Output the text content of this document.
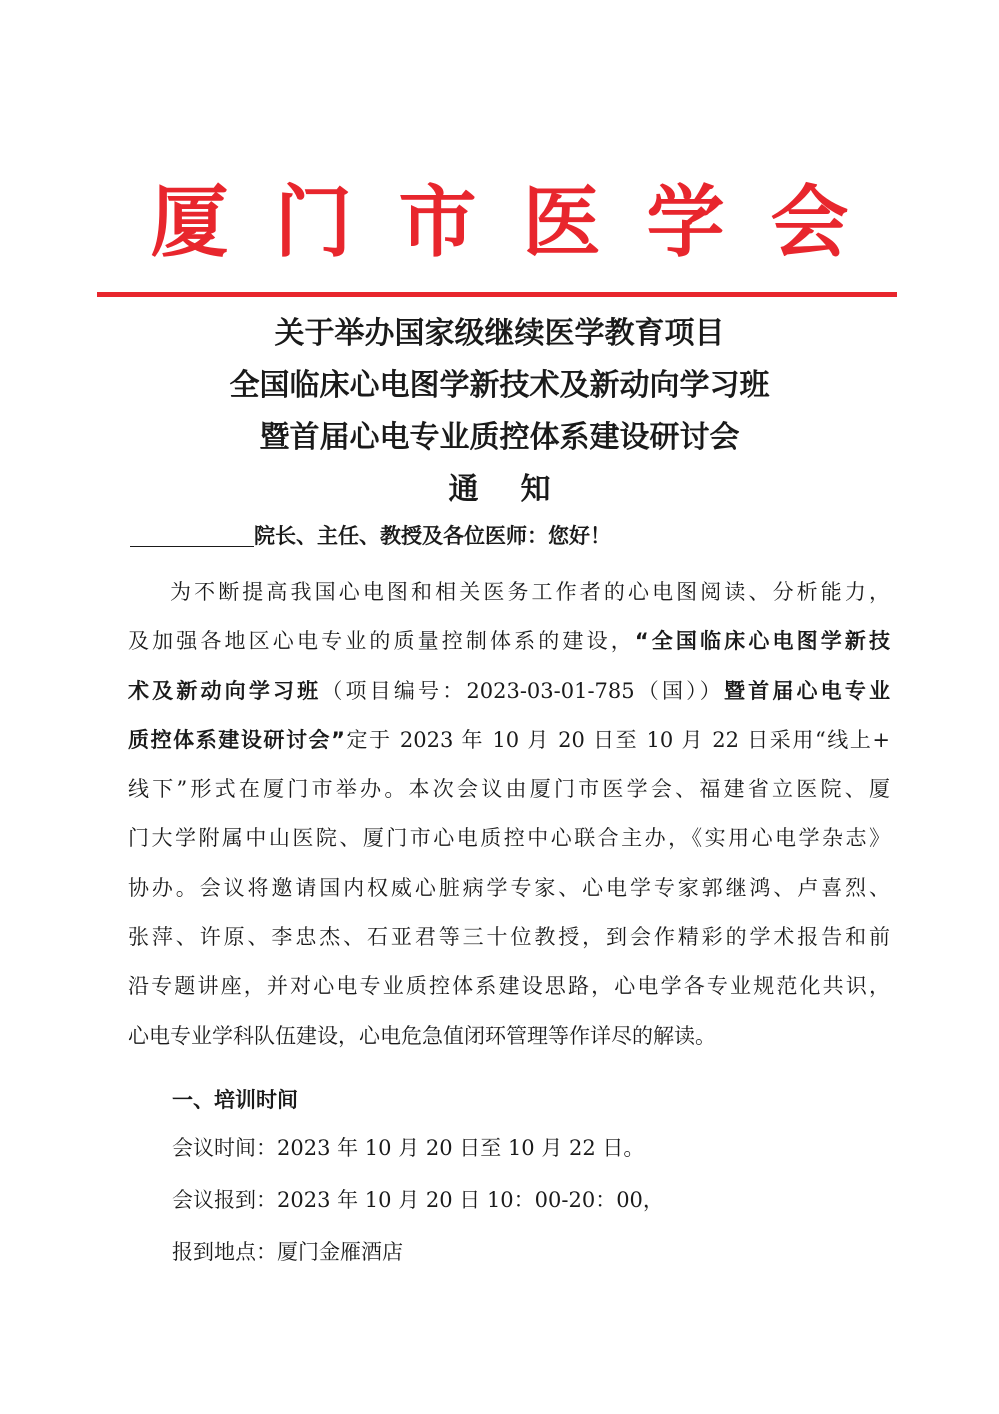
厦门市医学会
关于举办国家级继续医学教育项目
全国临床心电图学新技术及新动向学习班
暨首届心电专业质控体系建设研讨会
通知
院长、主任、教授及各位医师：您好！
为不断提高我国心电图和相关医务工作者的心电图阅读、分析能力，
及加强各地区心电专业的质量控制体系的建设，“全国临床心电图学新技
术及新动向学习班（项目编号：2023-03-01-785（国））暨首届心电专业
质控体系建设研讨会”定于 2023 年 10 月 20 日至 10 月 22 日采用“线上+
线下”形式在厦门市举办。本次会议由厦门市医学会、福建省立医院、厦
门大学附属中山医院、厦门市心电质控中心联合主办，《实用心电学杂志》
协办。会议将邀请国内权威心脏病学专家、心电学专家郭继鸿、卢喜烈、
张萍、许原、李忠杰、石亚君等三十位教授，到会作精彩的学术报告和前
沿专题讲座，并对心电专业质控体系建设思路，心电学各专业规范化共识，
心电专业学科队伍建设，心电危急值闭环管理等作详尽的解读。
一、培训时间
会议时间：2023 年 10 月 20 日至 10 月 22 日。
会议报到：2023 年 10 月 20 日 10：00-20：00，
报到地点：厦门金雁酒店
